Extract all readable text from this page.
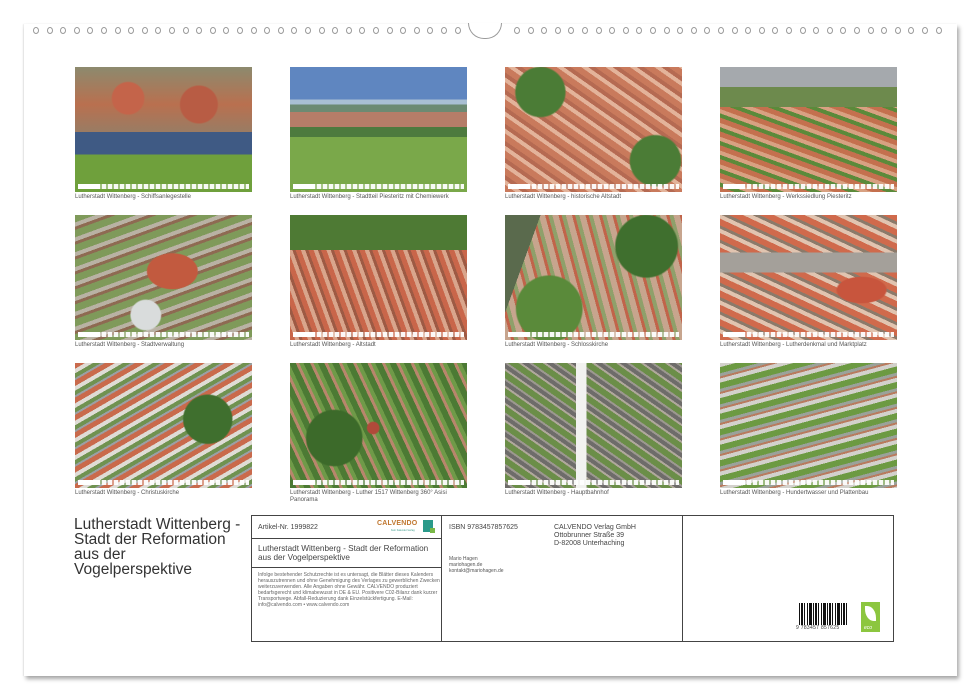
Lutherstadt Wittenberg - Schiffsanlegestelle	Lutherstadt Wittenberg - Stadtteil Piesteritz mit Chemiewerk	Lutherstadt Wittenberg - historische Altstadt	Lutherstadt Wittenberg - Werkssiedlung Piesteritz
Lutherstadt Wittenberg - Stadtverwaltung	Lutherstadt Wittenberg - Altstadt	Lutherstadt Wittenberg - Schlosskirche	Lutherstadt Wittenberg - Lutherdenkmal und Marktplatz
Lutherstadt Wittenberg - Christuskirche	Lutherstadt Wittenberg - Luther 1517 Wittenberg 360° Asisi Panorama
Lutherstadt Wittenberg - Hauptbahnhof	Lutherstadt Wittenberg - Hundertwasser und Plattenbau
Lutherstadt Wittenberg - Stadt der Reformation aus der Vogelperspektive
Artikel-Nr. 1999822
CALVENDO
Kein Kalender-Verlag
Lutherstadt Wittenberg - Stadt der Reformation aus der Vogelperspektive
Infolge bestehender Schutzrechte ist es untersagt, die Blätter dieses Kalenders herauszutrennen und ohne Genehmigung des Verlages zu gewerblichen Zwecken weiterzuverwenden. Alle Angaben ohne Gewähr. CALVENDO produziert bedarfsgerecht und klimabewusst in DE & EU. Positivere C02-Bilanz dank kurzer Transportwege. Abfall-Reduzierung dank Einzelstückfertigung. E-Mail: info@calvendo.com • www.calvendo.com
ISBN 9783457857625	CALVENDO Verlag GmbH
Ottobrunner Straße 39
D-82008 Unterhaching
Mario Hagen
mariohagen.de
kontakt@mariohagen.de
9 783457 857625	eco
